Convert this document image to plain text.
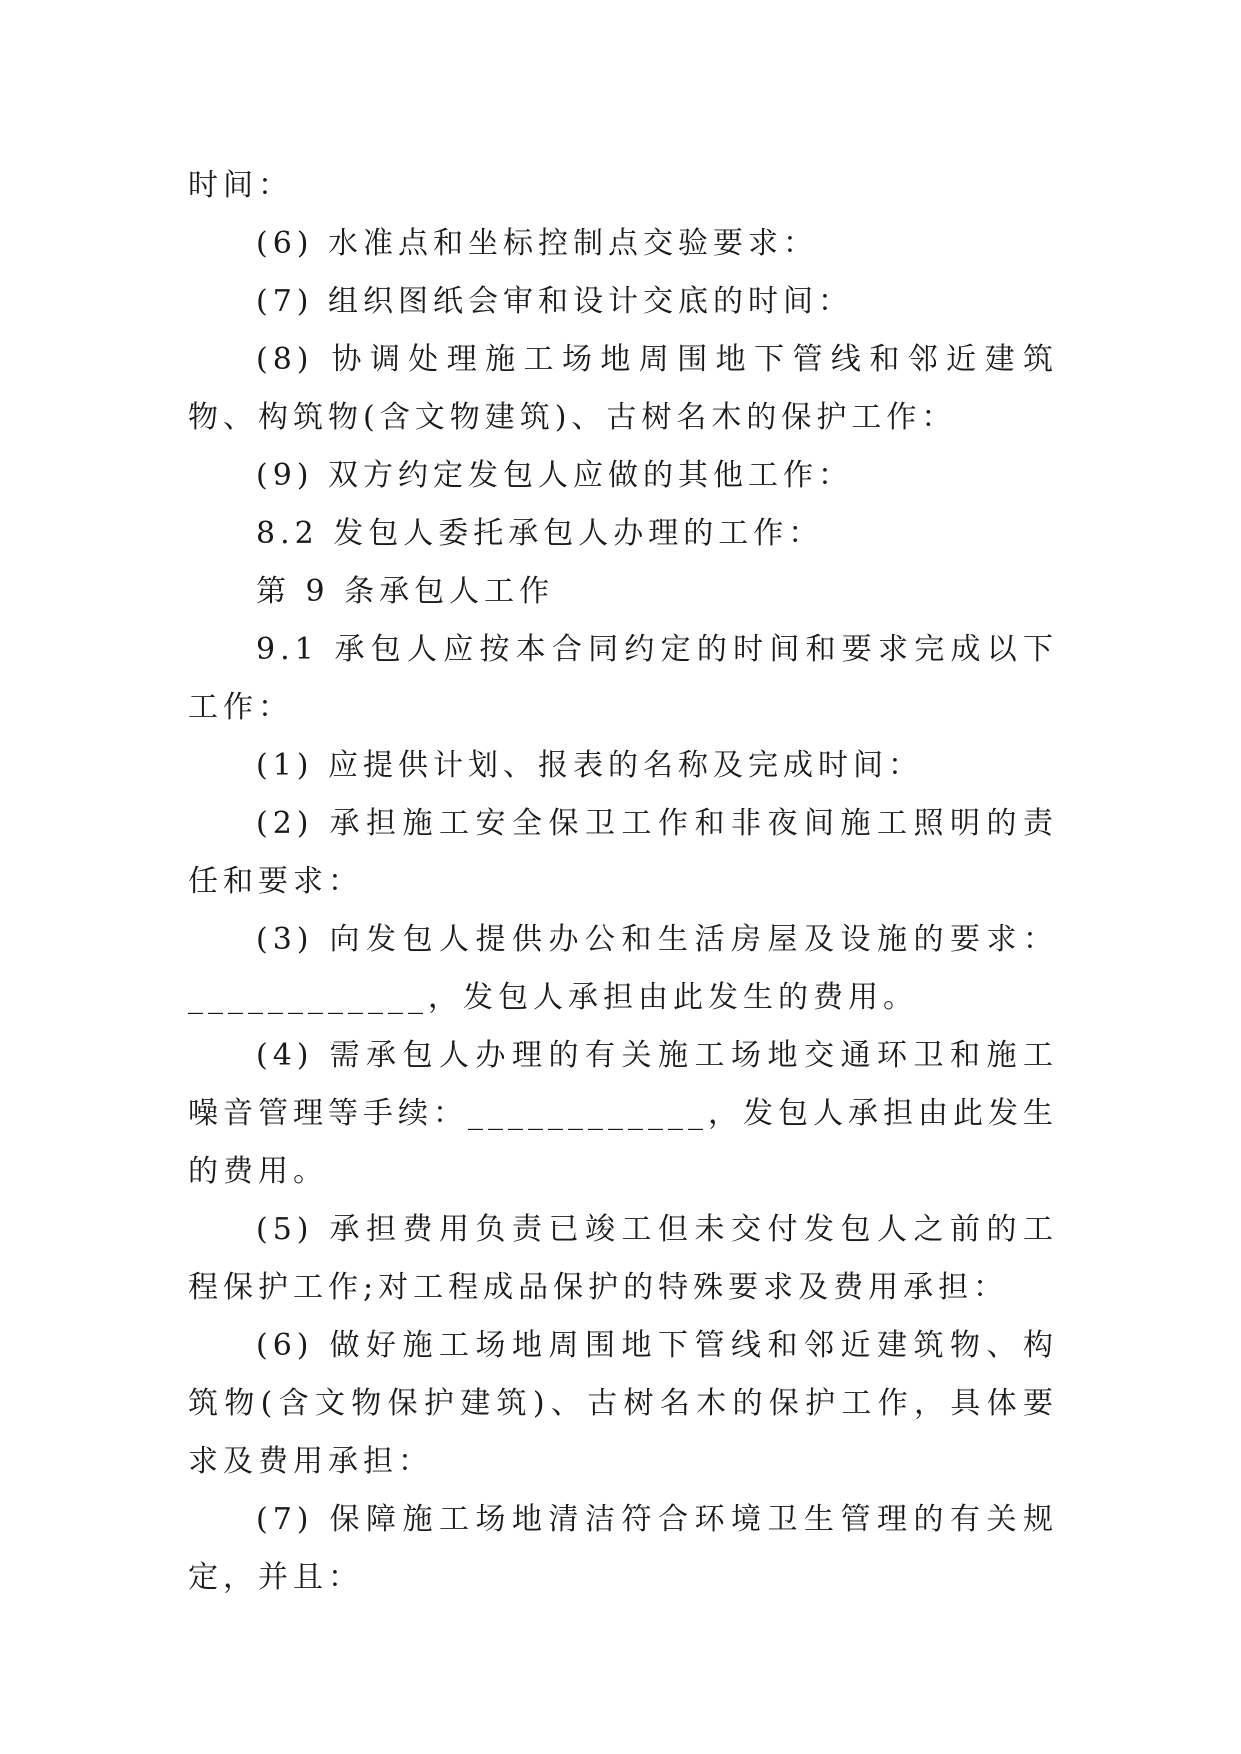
时间：

(6) 水准点和坐标控制点交验要求：

(7) 组织图纸会审和设计交底的时间：

(8) 协调处理施工场地周围地下管线和邻近建筑物、构筑物(含文物建筑)、古树名木的保护工作：

(9) 双方约定发包人应做的其他工作：

8.2 发包人委托承包人办理的工作：

第 9 条承包人工作

9.1 承包人应按本合同约定的时间和要求完成以下工作：

(1) 应提供计划、报表的名称及完成时间：

(2) 承担施工安全保卫工作和非夜间施工照明的责任和要求：

(3) 向发包人提供办公和生活房屋及设施的要求：____________，发包人承担由此发生的费用。

(4) 需承包人办理的有关施工场地交通环卫和施工噪音管理等手续：____________，发包人承担由此发生的费用。

(5) 承担费用负责已竣工但未交付发包人之前的工程保护工作;对工程成品保护的特殊要求及费用承担：

(6) 做好施工场地周围地下管线和邻近建筑物、构筑物(含文物保护建筑)、古树名木的保护工作，具体要求及费用承担：

(7) 保障施工场地清洁符合环境卫生管理的有关规定，并且：
